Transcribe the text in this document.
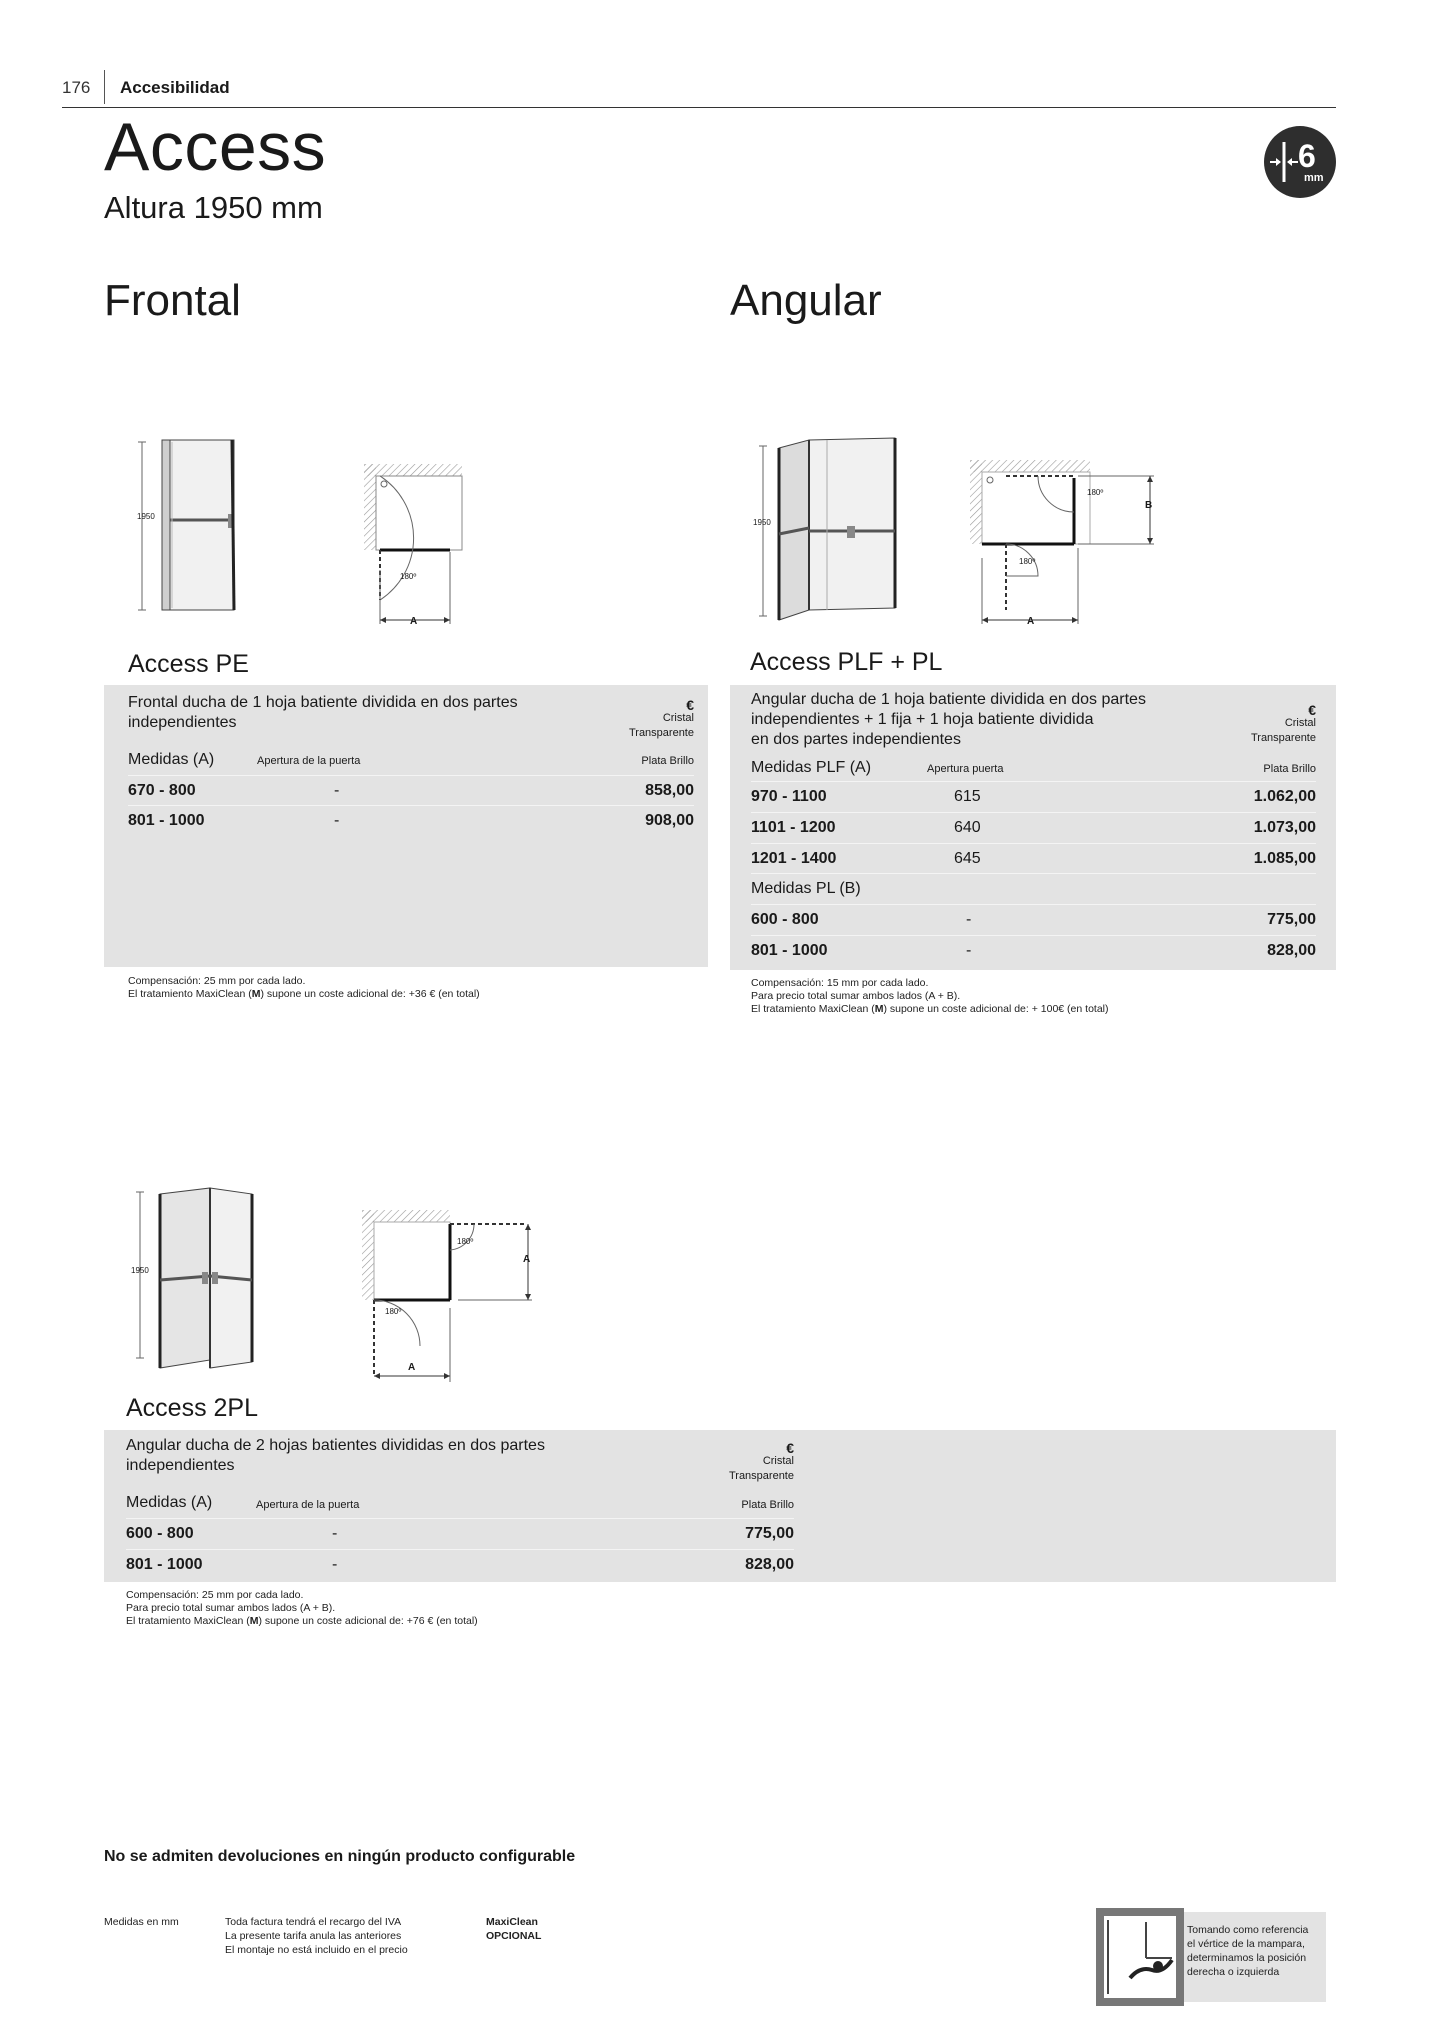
176 Accesibilidad
Access
Altura 1950 mm
6
mm
Frontal
1950
180º
A
Access PE
Frontal ducha de 1 hoja batiente dividida en dos partes
independientes
€
Cristal
Transparente
Medidas (A)	Apertura de la puerta	Plata Brillo
670 - 800	-	858,00
801 - 1000	-	908,00
Compensación: 25 mm por cada lado.
El tratamiento MaxiClean (M) supone un coste adicional de: +36 € (en total)
Angular
1950
180º
180º
A
B
Access PLF + PL
Angular ducha de 1 hoja batiente dividida en dos partes
independientes + 1 fija + 1 hoja batiente dividida
en dos partes independientes
€
Cristal
Transparente
Medidas PLF (A)	Apertura puerta	Plata Brillo
970 - 1100	615	1.062,00
1101 - 1200	640	1.073,00
1201 - 1400	645	1.085,00
Medidas PL (B)
600 - 800	-	775,00
801 - 1000	-	828,00
Compensación: 15 mm por cada lado.
Para precio total sumar ambos lados (A + B).
El tratamiento MaxiClean (M) supone un coste adicional de: + 100€ (en total)
1950
180º
180º
A
A
Access 2PL
Angular ducha de 2 hojas batientes divididas en dos partes
independientes
€
Cristal
Transparente
Medidas (A)	Apertura de la puerta	Plata Brillo
600 - 800	-	775,00
801 - 1000	-	828,00
Compensación: 25 mm por cada lado.
Para precio total sumar ambos lados (A + B).
El tratamiento MaxiClean (M) supone un coste adicional de: +76 € (en total)
No se admiten devoluciones en ningún producto configurable
Medidas en mm	Toda factura tendrá el recargo del IVA
La presente tarifa anula las anteriores
El montaje no está incluido en el precio
MaxiClean
OPCIONAL	Tomando como referencia
el vértice de la mampara,
determinamos la posición
derecha o izquierda
